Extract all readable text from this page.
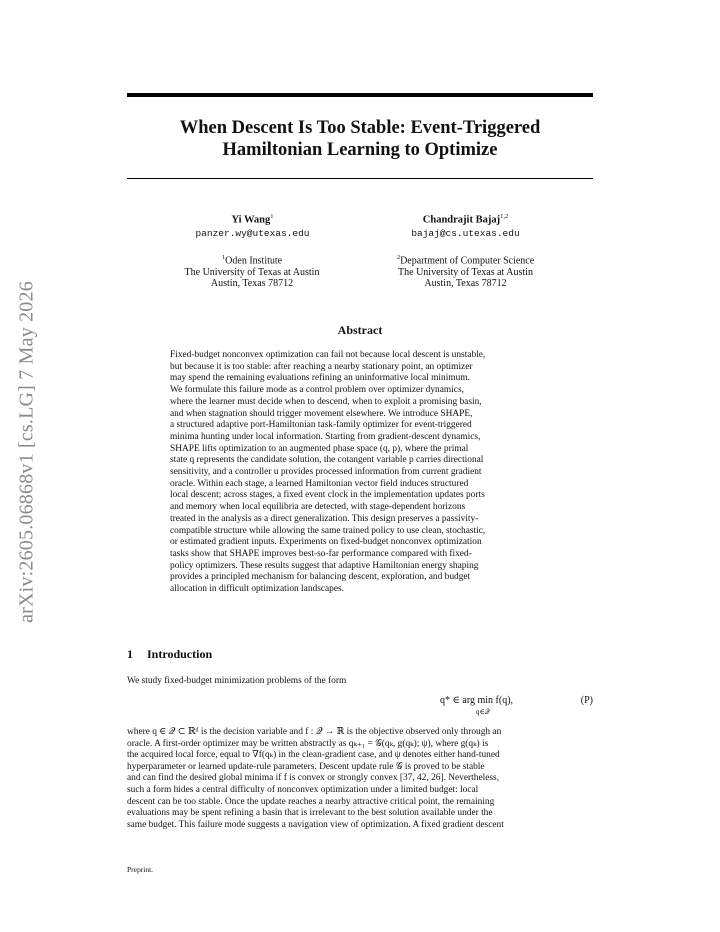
arXiv:2605.06868v1 [cs.LG] 7 May 2026
When Descent Is Too Stable: Event-Triggered
Hamiltonian Learning to Optimize
Yi Wang$^1$
panzer.wy@utexas.edu
Chandrajit Bajaj$^{1,2}$
bajaj@cs.utexas.edu
$^1$Oden Institute
The University of Texas at Austin
Austin, Texas 78712
$^2$Department of Computer Science
The University of Texas at Austin
Austin, Texas 78712
Abstract
Fixed-budget nonconvex optimization can fail not because local descent is unstable,
but because it is too stable: after reaching a nearby stationary point, an optimizer
may spend the remaining evaluations refining an uninformative local minimum.
We formulate this failure mode as a control problem over optimizer dynamics,
where the learner must decide when to descend, when to exploit a promising basin,
and when stagnation should trigger movement elsewhere. We introduce SHAPE,
a structured adaptive port-Hamiltonian task-family optimizer for event-triggered
minima hunting under local information. Starting from gradient-descent dynamics,
SHAPE lifts optimization to an augmented phase space (q, p), where the primal
state q represents the candidate solution, the cotangent variable p carries directional
sensitivity, and a controller u provides processed information from current gradient
oracle. Within each stage, a learned Hamiltonian vector field induces structured
local descent; across stages, a fixed event clock in the implementation updates ports
and memory when local equilibria are detected, with stage-dependent horizons
treated in the analysis as a direct generalization. This design preserves a passivity-
compatible structure while allowing the same trained policy to use clean, stochastic,
or estimated gradient inputs. Experiments on fixed-budget nonconvex optimization
tasks show that SHAPE improves best-so-far performance compared with fixed-
policy optimizers. These results suggest that adaptive Hamiltonian energy shaping
provides a principled mechanism for balancing descent, exploration, and budget
allocation in difficult optimization landscapes.
1 Introduction
We study fixed-budget minimization problems of the form
q* ∈ arg min f(q),
q∈𝒬
(P)
where q ∈ 𝒬 ⊂ ℝᵈ is the decision variable and f : 𝒬 → ℝ is the objective observed only through an
oracle. A first-order optimizer may be written abstractly as qₖ₊₁ = 𝒢(qₖ, g(qₖ); ψ), where g(qₖ) is
the acquired local force, equal to ∇f(qₖ) in the clean-gradient case, and ψ denotes either hand-tuned
hyperparameter or learned update-rule parameters. Descent update rule 𝒢 is proved to be stable
and can find the desired global minima if f is convex or strongly convex [37, 42, 26]. Nevertheless,
such a form hides a central difficulty of nonconvex optimization under a limited budget: local
descent can be too stable. Once the update reaches a nearby attractive critical point, the remaining
evaluations may be spent refining a basin that is irrelevant to the best solution available under the
same budget. This failure mode suggests a navigation view of optimization. A fixed gradient descent
Preprint.
